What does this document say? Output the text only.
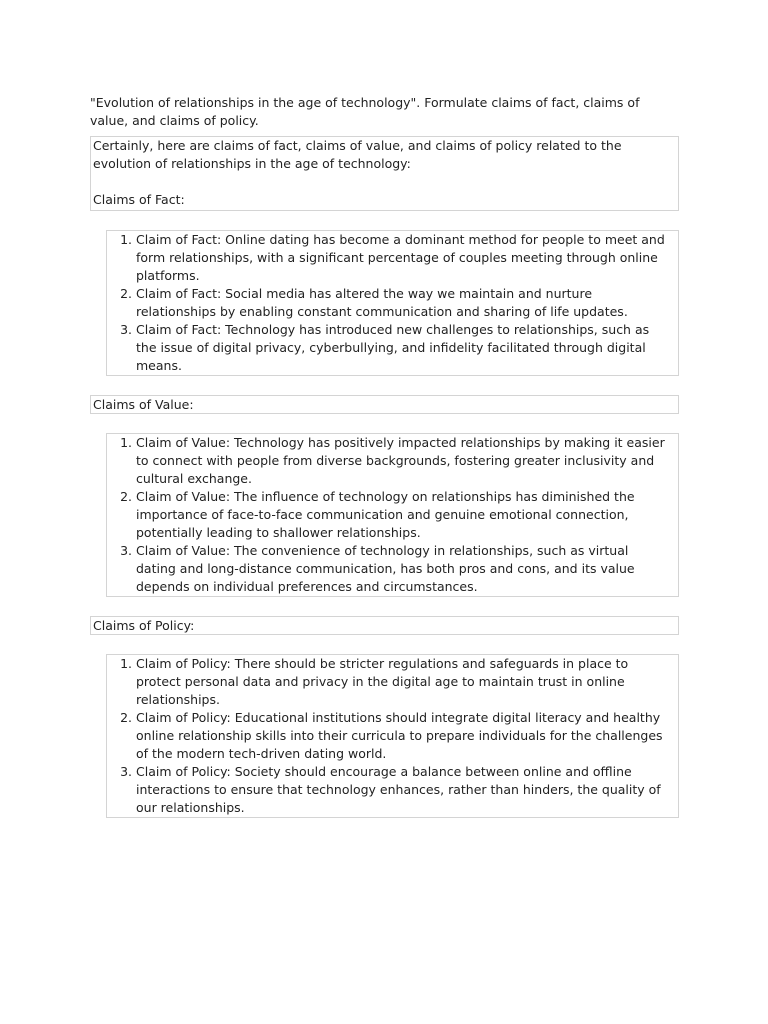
"Evolution of relationships in the age of technology". Formulate claims of fact, claims of value, and claims of policy.

Certainly, here are claims of fact, claims of value, and claims of policy related to the evolution of relationships in the age of technology:

Claims of Fact:

1. Claim of Fact: Online dating has become a dominant method for people to meet and form relationships, with a significant percentage of couples meeting through online platforms.
2. Claim of Fact: Social media has altered the way we maintain and nurture relationships by enabling constant communication and sharing of life updates.
3. Claim of Fact: Technology has introduced new challenges to relationships, such as the issue of digital privacy, cyberbullying, and infidelity facilitated through digital means.
Claims of Value:
1. Claim of Value: Technology has positively impacted relationships by making it easier to connect with people from diverse backgrounds, fostering greater inclusivity and cultural exchange.
2. Claim of Value: The influence of technology on relationships has diminished the importance of face-to-face communication and genuine emotional connection, potentially leading to shallower relationships.
3. Claim of Value: The convenience of technology in relationships, such as virtual dating and long-distance communication, has both pros and cons, and its value depends on individual preferences and circumstances.
Claims of Policy:
1. Claim of Policy: There should be stricter regulations and safeguards in place to protect personal data and privacy in the digital age to maintain trust in online relationships.
2. Claim of Policy: Educational institutions should integrate digital literacy and healthy online relationship skills into their curricula to prepare individuals for the challenges of the modern tech-driven dating world.
3. Claim of Policy: Society should encourage a balance between online and offline interactions to ensure that technology enhances, rather than hinders, the quality of our relationships.
